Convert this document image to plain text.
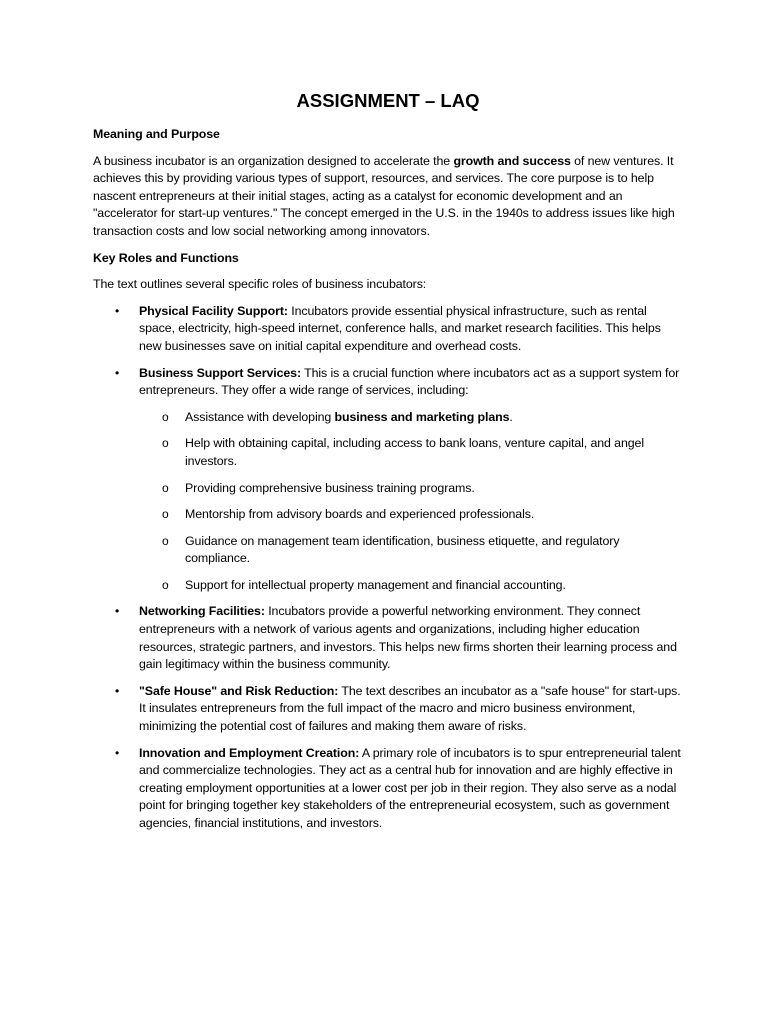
ASSIGNMENT – LAQ
Meaning and Purpose

A business incubator is an organization designed to accelerate the growth and success of new ventures. It achieves this by providing various types of support, resources, and services. The core purpose is to help nascent entrepreneurs at their initial stages, acting as a catalyst for economic development and an "accelerator for start-up ventures." The concept emerged in the U.S. in the 1940s to address issues like high transaction costs and low social networking among innovators.

Key Roles and Functions

The text outlines several specific roles of business incubators:

• Physical Facility Support: Incubators provide essential physical infrastructure, such as rental space, electricity, high-speed internet, conference halls, and market research facilities. This helps new businesses save on initial capital expenditure and overhead costs.
• Business Support Services: This is a crucial function where incubators act as a support system for entrepreneurs. They offer a wide range of services, including:
o Assistance with developing business and marketing plans.
o Help with obtaining capital, including access to bank loans, venture capital, and angel investors.
o Providing comprehensive business training programs.
o Mentorship from advisory boards and experienced professionals.
o Guidance on management team identification, business etiquette, and regulatory compliance.
o Support for intellectual property management and financial accounting.
• Networking Facilities: Incubators provide a powerful networking environment. They connect entrepreneurs with a network of various agents and organizations, including higher education resources, strategic partners, and investors. This helps new firms shorten their learning process and gain legitimacy within the business community.
• "Safe House" and Risk Reduction: The text describes an incubator as a "safe house" for start-ups. It insulates entrepreneurs from the full impact of the macro and micro business environment, minimizing the potential cost of failures and making them aware of risks.
• Innovation and Employment Creation: A primary role of incubators is to spur entrepreneurial talent and commercialize technologies. They act as a central hub for innovation and are highly effective in creating employment opportunities at a lower cost per job in their region. They also serve as a nodal point for bringing together key stakeholders of the entrepreneurial ecosystem, such as government agencies, financial institutions, and investors.
